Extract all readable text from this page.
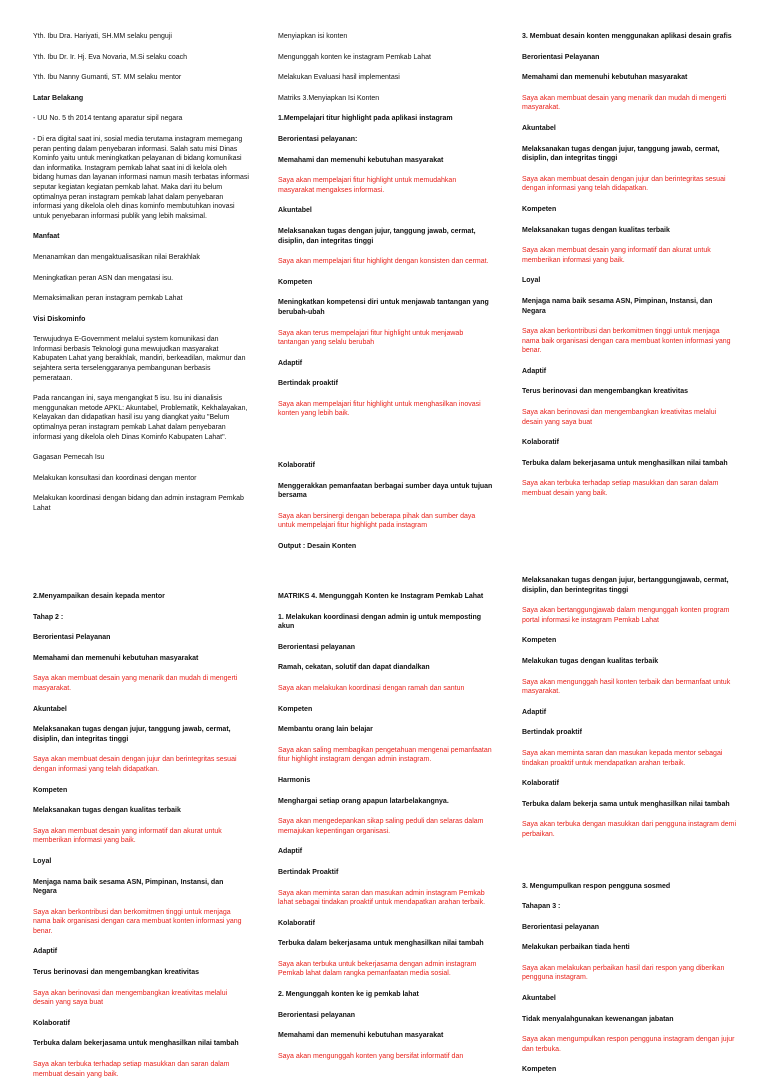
Yth. Ibu Dra. Hariyati, SH.MM selaku penguji
Yth. Ibu Dr. Ir. Hj. Eva Novaria, M.Si selaku coach
Yth. Ibu Nanny Gumanti, ST. MM selaku mentor
Latar Belakang
- UU No. 5 th 2014 tentang aparatur sipil negara
- Di era digital saat ini, sosial media terutama instagram memegang peran penting dalam penyebaran informasi. Salah satu misi Dinas Kominfo yaitu untuk meningkatkan pelayanan di bidang komunikasi dan informatika. Instagram pemkab lahat saat ini di kelola oleh bidang humas dan layanan informasi namun masih terbatas informasi seputar kegiatan kegiatan pemkab lahat. Maka dari itu belum optimalnya peran instagram pemkab lahat dalam penyebaran informasi yang dikelola oleh dinas kominfo membutuhkan inovasi untuk penyebaran informasi publik yang lebih maksimal.
Manfaat
Menanamkan dan mengaktualisasikan nilai Berakhlak
Meningkatkan peran ASN dan mengatasi isu.
Memaksimalkan peran instagram pemkab Lahat
Visi Diskominfo
Terwujudnya E-Government melalui system komunikasi dan Informasi berbasis Teknologi guna mewujudkan masyarakat Kabupaten Lahat yang berakhlak, mandiri, berkeadilan, makmur dan sejahtera serta terselenggaranya pembangunan berbasis pemerataan.
Pada rancangan ini, saya mengangkat 5 isu. Isu ini dianalisis menggunakan metode APKL: Akuntabel, Problematik, Kekhalayakan, Kelayakan dan didapatkan hasil isu yang diangkat yaitu "Belum optimalnya peran instagram pemkab Lahat dalam penyebaran informasi yang dikelola oleh Dinas Kominfo Kabupaten Lahat".
Gagasan Pemecah Isu
Melakukan konsultasi dan koordinasi dengan mentor
Melakukan koordinasi dengan bidang dan admin instagram Pemkab Lahat
Menyiapkan isi konten
Mengunggah konten ke instagram Pemkab Lahat
Melakukan Evaluasi hasil implementasi
Matriks 3.Menyiapkan Isi Konten
1.Mempelajari titur highlight pada aplikasi instagram
Berorientasi pelayanan:
Memahami dan memenuhi kebutuhan masyarakat
Saya akan mempelajari fitur highlight untuk memudahkan masyarakat mengakses informasi.
Akuntabel
Melaksanakan tugas dengan jujur, tanggung jawab, cermat, disiplin, dan integritas tinggi
Saya akan mempelajari fitur highlight dengan konsisten dan cermat.
Kompeten
Meningkatkan kompetensi diri untuk menjawab tantangan yang berubah-ubah
Saya akan terus mempelajari fitur highlight untuk menjawab tantangan yang selalu berubah
Adaptif
Bertindak proaktif
Saya akan mempelajari fitur highlight untuk menghasilkan inovasi konten yang lebih baik.
Kolaboratif
Menggerakkan pemanfaatan berbagai sumber daya untuk tujuan bersama
Saya akan bersinergi dengan beberapa pihak dan sumber daya untuk mempelajari fitur highlight pada instagram
Output : Desain Konten
3. Membuat desain konten menggunakan aplikasi desain grafis
Berorientasi Pelayanan
Memahami dan memenuhi kebutuhan masyarakat
Saya akan membuat desain yang menarik dan mudah di mengerti masyarakat.
Akuntabel
Melaksanakan tugas dengan jujur, tanggung jawab, cermat, disiplin, dan integritas tinggi
Saya akan membuat desain dengan jujur dan berintegritas sesuai dengan informasi yang telah didapatkan.
Kompeten
Melaksanakan tugas dengan kualitas terbaik
Saya akan membuat desain yang informatif dan akurat untuk memberikan informasi yang baik.
Loyal
Menjaga nama baik sesama ASN, Pimpinan, Instansi, dan Negara
Saya akan berkontribusi dan berkomitmen tinggi untuk menjaga nama baik organisasi dengan cara membuat konten informasi yang benar.
Adaptif
Terus berinovasi dan mengembangkan kreativitas
Saya akan berinovasi dan mengembangkan kreativitas melalui desain yang saya buat
Kolaboratif
Terbuka dalam bekerjasama untuk menghasilkan nilai tambah
Saya akan terbuka terhadap setiap masukkan dan saran dalam membuat desain yang baik.
2.Menyampaikan desain kepada mentor
Tahap 2 :
Berorientasi Pelayanan
Memahami dan memenuhi kebutuhan masyarakat
Saya akan membuat desain yang menarik dan mudah di mengerti masyarakat.
Akuntabel
Melaksanakan tugas dengan jujur, tanggung jawab, cermat, disiplin, dan integritas tinggi
Saya akan membuat desain dengan jujur dan berintegritas sesuai dengan informasi yang telah didapatkan.
Kompeten
Melaksanakan tugas dengan kualitas terbaik
Saya akan membuat desain yang informatif dan akurat untuk memberikan informasi yang baik.
Loyal
Menjaga nama baik sesama ASN, Pimpinan, Instansi, dan Negara
Saya akan berkontribusi dan berkomitmen tinggi untuk menjaga nama baik organisasi dengan cara membuat konten informasi yang benar.
Adaptif
Terus berinovasi dan mengembangkan kreativitas
Saya akan berinovasi dan mengembangkan kreativitas melalui desain yang saya buat
Kolaboratif
Terbuka dalam bekerjasama untuk menghasilkan nilai tambah
Saya akan terbuka terhadap setiap masukkan dan saran dalam membuat desain yang baik.
MATRIKS 4. Mengunggah Konten ke Instagram Pemkab Lahat
1. Melakukan koordinasi dengan admin ig untuk memposting akun
Berorientasi pelayanan
Ramah, cekatan, solutif dan dapat diandalkan
Saya akan melakukan koordinasi dengan ramah dan santun
Kompeten
Membantu orang lain belajar
Saya akan saling membagikan pengetahuan mengenai pemanfaatan fitur highlight instagram dengan admin instagram.
Harmonis
Menghargai setiap orang apapun latarbelakangnya.
Saya akan mengedepankan sikap saling peduli dan selaras dalam memajukan kepentingan organisasi.
Adaptif
Bertindak Proaktif
Saya akan meminta saran dan masukan admin instagram Pemkab lahat sebagai tindakan proaktif untuk mendapatkan arahan terbaik.
Kolaboratif
Terbuka dalam bekerjasama untuk menghasilkan nilai tambah
Saya akan terbuka untuk bekerjasama dengan admin instagram Pemkab lahat dalam rangka pemanfaatan media sosial.
2. Mengunggah konten ke ig pemkab lahat
Berorientasi pelayanan
Memahami dan memenuhi kebutuhan masyarakat
Saya akan mengunggah konten yang bersifat informatif dan
Melaksanakan tugas dengan jujur, bertanggungjawab, cermat, disiplin, dan berintegritas tinggi
Saya akan bertanggungjawab dalam mengunggah konten program portal informasi ke instagram Pemkab Lahat
Kompeten
Melakukan tugas dengan kualitas terbaik
Saya akan mengunggah hasil konten terbaik dan bermanfaat untuk masyarakat.
Adaptif
Bertindak proaktif
Saya akan meminta saran dan masukan kepada mentor sebagai tindakan proaktif untuk mendapatkan arahan terbaik.
Kolaboratif
Terbuka dalam bekerja sama untuk menghasilkan nilai tambah
Saya akan terbuka dengan masukkan dari pengguna instagram demi perbaikan.
3. Mengumpulkan respon pengguna sosmed
Tahapan 3 :
Berorientasi pelayanan
Melakukan perbaikan tiada henti
Saya akan melakukan perbaikan hasil dari respon yang diberikan pengguna instagram.
Akuntabel
Tidak menyalahgunakan kewenangan jabatan
Saya akan mengumpulkan respon pengguna instagram dengan jujur dan terbuka.
Kompeten
